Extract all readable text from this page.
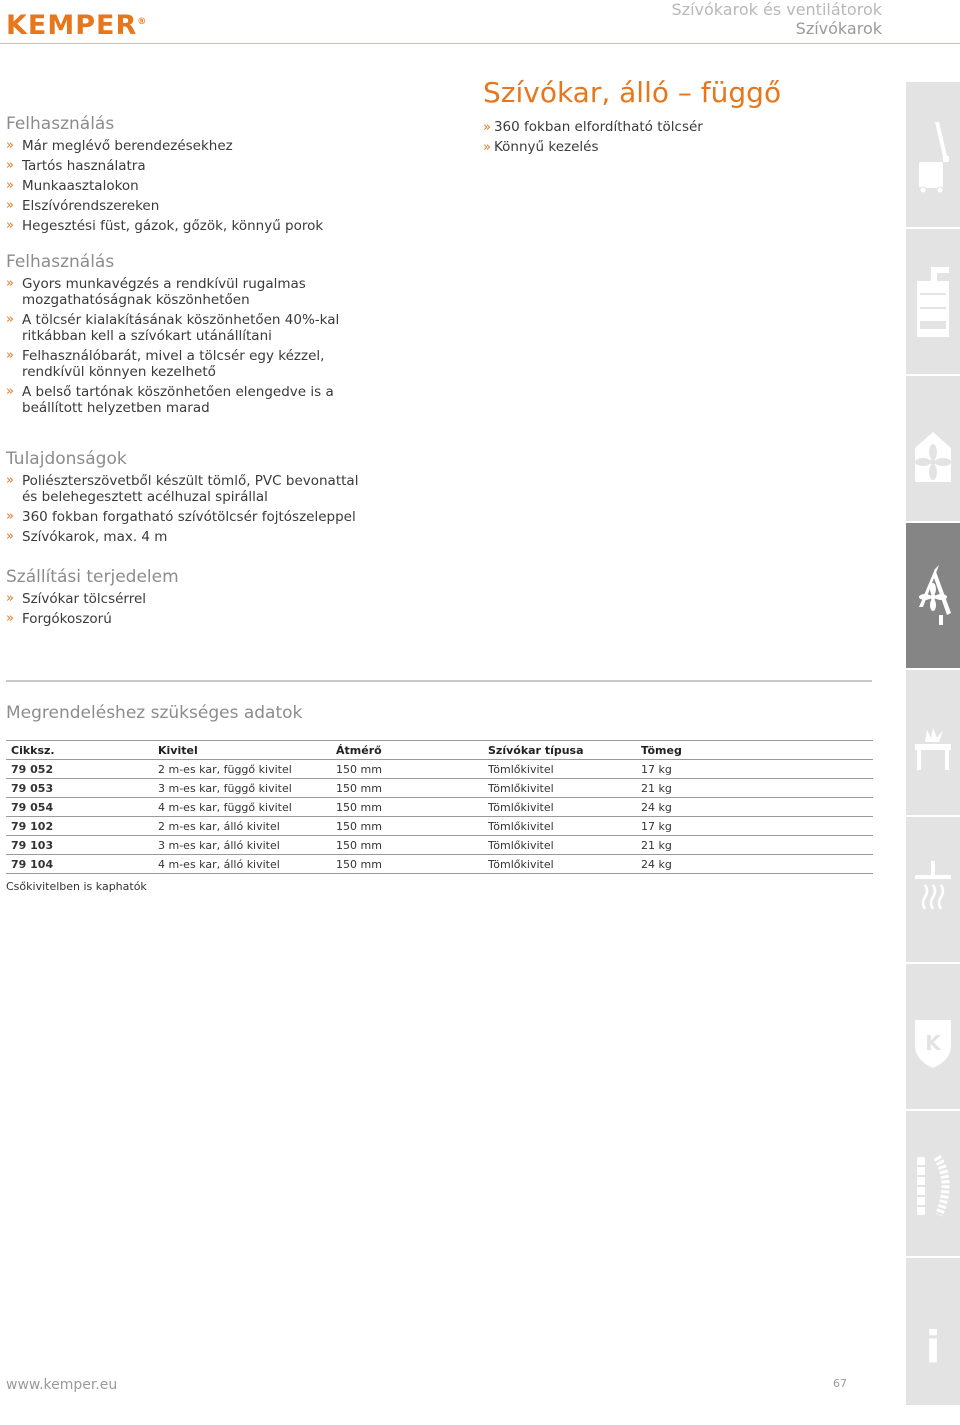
KEMPER®
Szívókarok és ventilátorok
Szívókarok
Szívókar, álló – függő
» 360 fokban elfordítható tölcsér
» Könnyű kezelés
Felhasználás
» Már meglévő berendezésekhez
» Tartós használatra
» Munkaasztalokon
» Elszívórendszereken
» Hegesztési füst, gázok, gőzök, könnyű porok
Felhasználás
» Gyors munkavégzés a rendkívül rugalmas mozgathatóságnak köszönhetően
» A tölcsér kialakításának köszönhetően 40%-kal ritkábban kell a szívókart utánállítani
» Felhasználóbarát, mivel a tölcsér egy kézzel, rendkívül könnyen kezelhető
» A belső tartónak köszönhetően elengedve is a beállított helyzetben marad
Tulajdonságok
» Poliészterszövetből készült tömlő, PVC bevonattal és belehegesztett acélhuzal spirállal
» 360 fokban forgatható szívótölcsér fojtószeleppel
» Szívókarok, max. 4 m
Szállítási terjedelem
» Szívókar tölcsérrel
» Forgókoszorú
Megrendeléshez szükséges adatok
Cikksz.	Kivitel	Átmérő	Szívókar típusa	Tömeg
79 052	2 m-es kar, függő kivitel	150 mm	Tömlőkivitel	17 kg
79 053	3 m-es kar, függő kivitel	150 mm	Tömlőkivitel	21 kg
79 054	4 m-es kar, függő kivitel	150 mm	Tömlőkivitel	24 kg
79 102	2 m-es kar, álló kivitel	150 mm	Tömlőkivitel	17 kg
79 103	3 m-es kar, álló kivitel	150 mm	Tömlőkivitel	21 kg
79 104	4 m-es kar, álló kivitel	150 mm	Tömlőkivitel	24 kg
Csőkivitelben is kaphatók
www.kemper.eu	67
K
i
